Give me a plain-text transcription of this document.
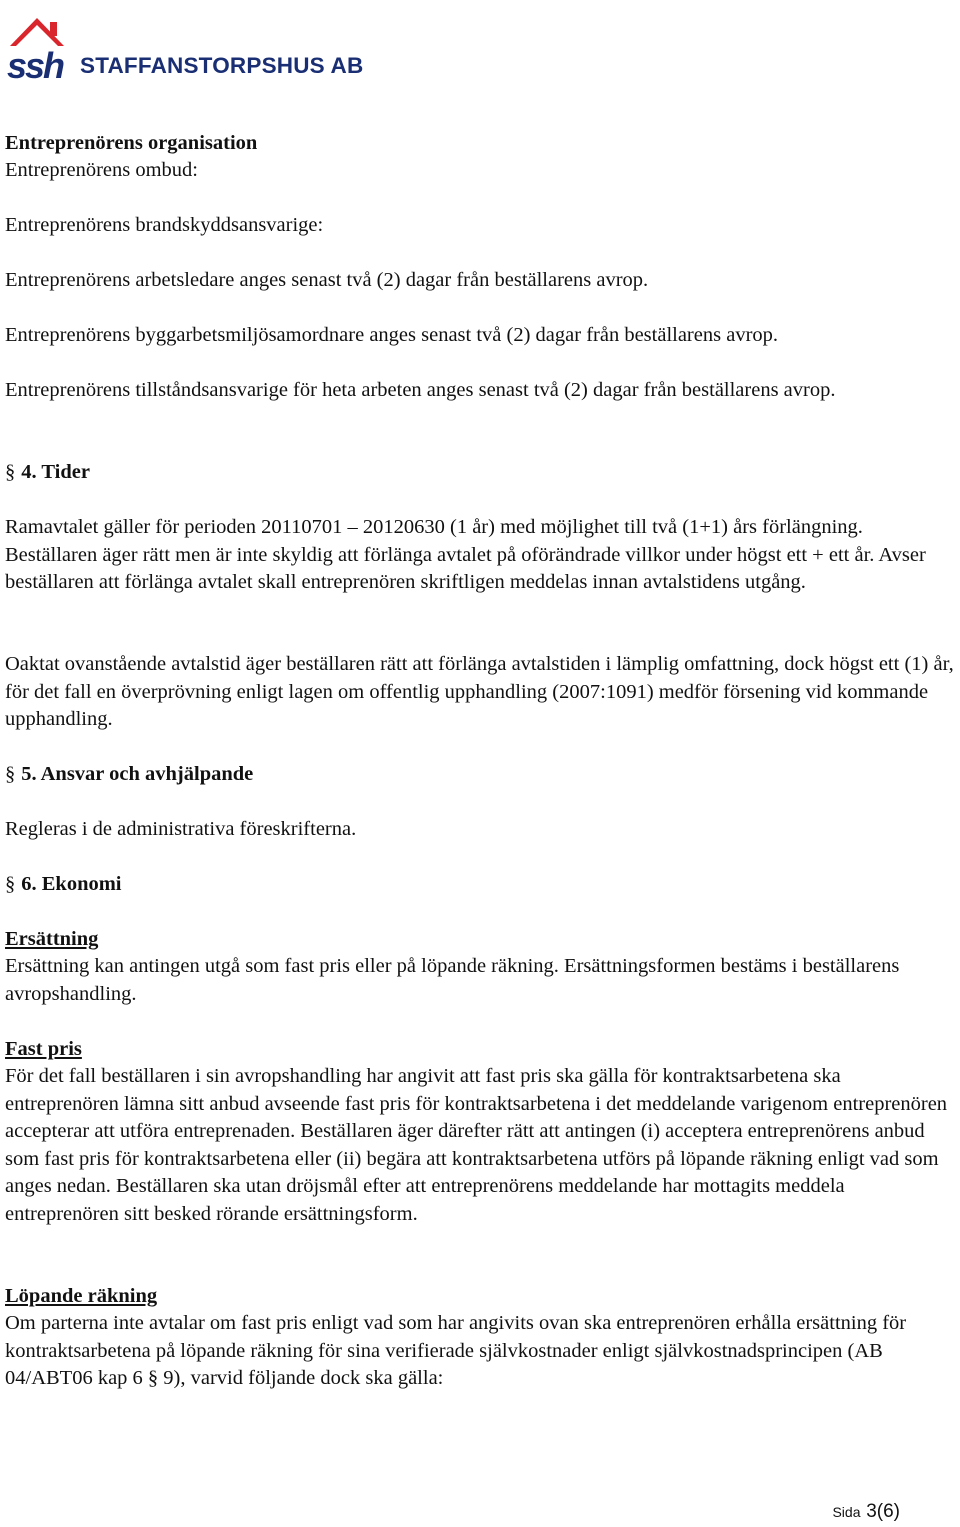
ssh STAFFANSTORPSHUS AB
Entreprenörens organisation
Entreprenörens ombud:
Entreprenörens brandskyddsansvarige:
Entreprenörens arbetsledare anges senast två (2) dagar från beställarens avrop.
Entreprenörens byggarbetsmiljösamordnare anges senast två (2) dagar från beställarens avrop.
Entreprenörens tillståndsansvarige för heta arbeten anges senast två (2) dagar från beställarens avrop.
§ 4. Tider
Ramavtalet gäller för perioden 20110701 – 20120630 (1 år) med möjlighet till två (1+1) års förlängning. Beställaren äger rätt men är inte skyldig att förlänga avtalet på oförändrade villkor under högst ett + ett år. Avser beställaren att förlänga avtalet skall entreprenören skriftligen meddelas innan avtalstidens utgång.
Oaktat ovanstående avtalstid äger beställaren rätt att förlänga avtalstiden i lämplig omfattning, dock högst ett (1) år, för det fall en överprövning enligt lagen om offentlig upphandling (2007:1091) medför försening vid kommande upphandling.
§ 5. Ansvar och avhjälpande
Regleras i de administrativa föreskrifterna.
§ 6. Ekonomi
Ersättning
Ersättning kan antingen utgå som fast pris eller på löpande räkning. Ersättningsformen bestäms i beställarens avropshandling.
Fast pris
För det fall beställaren i sin avropshandling har angivit att fast pris ska gälla för kontraktsarbetena ska entreprenören lämna sitt anbud avseende fast pris för kontraktsarbetena i det meddelande varigenom entreprenören accepterar att utföra entreprenaden. Beställaren äger därefter rätt att antingen (i) acceptera entreprenörens anbud som fast pris för kontraktsarbetena eller (ii) begära att kontraktsarbetena utförs på löpande räkning enligt vad som anges nedan. Beställaren ska utan dröjsmål efter att entreprenörens meddelande har mottagits meddela entreprenören sitt besked rörande ersättningsform.
Löpande räkning
Om parterna inte avtalar om fast pris enligt vad som har angivits ovan ska entreprenören erhålla ersättning för kontraktsarbetena på löpande räkning för sina verifierade självkostnader enligt självkostnadsprincipen (AB 04/ABT06 kap 6 § 9), varvid följande dock ska gälla:
Sida 3(6)
